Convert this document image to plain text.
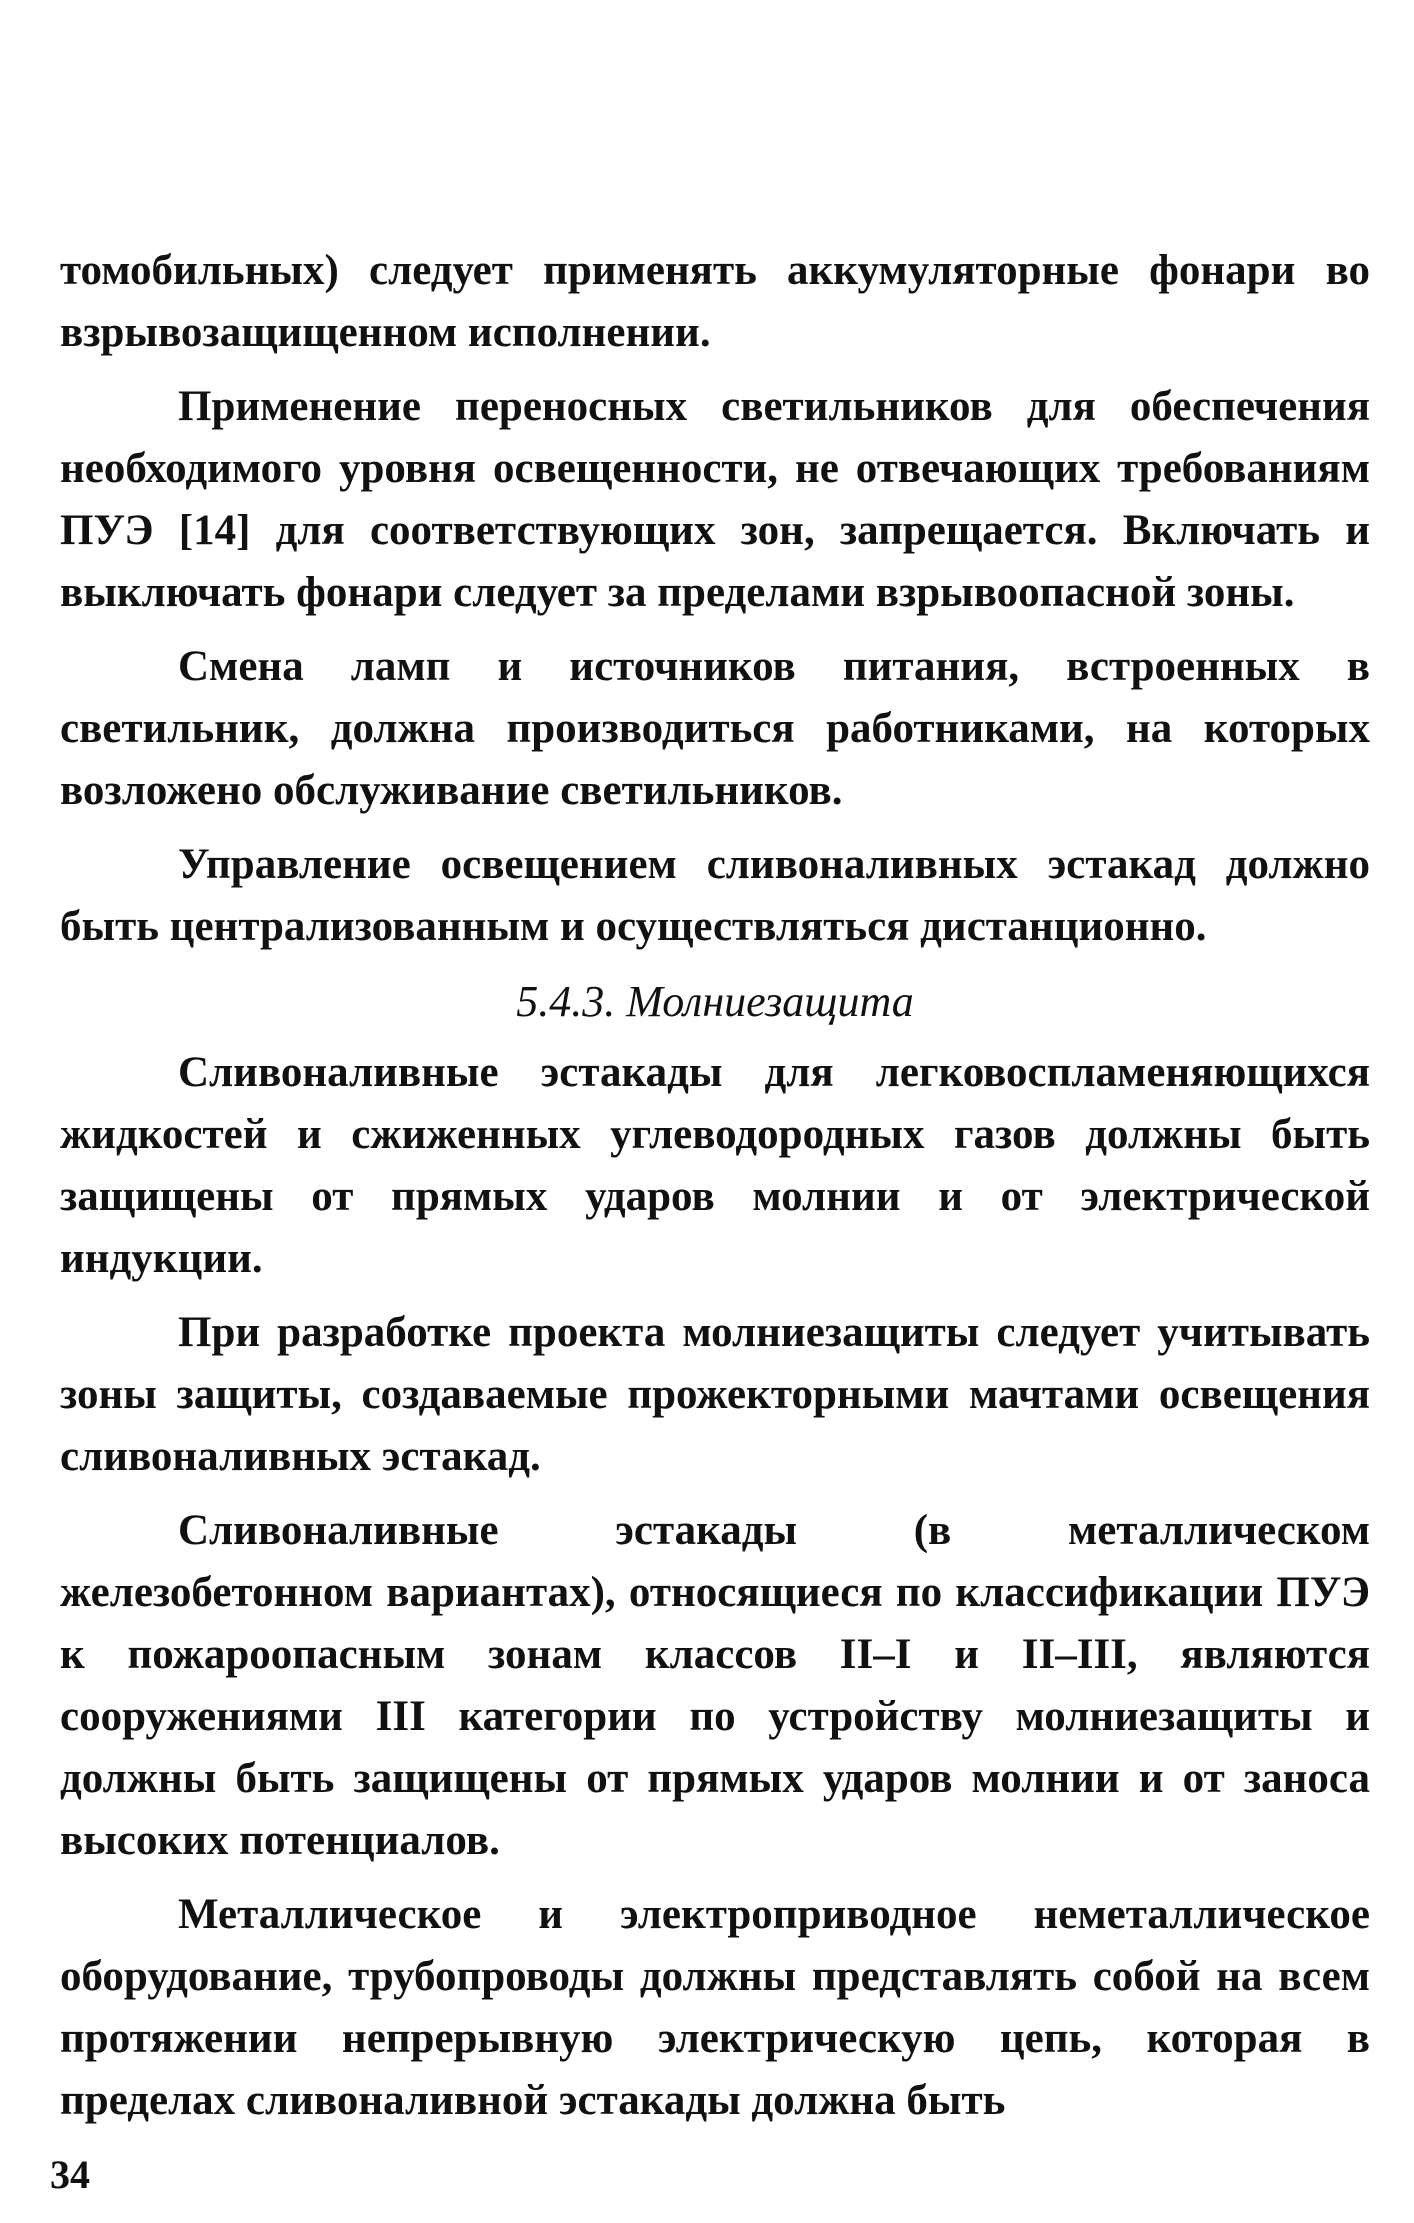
томобильных) следует применять аккумуляторные фонари во взрывозащищенном исполнении.

Применение переносных светильников для обеспечения необходимого уровня освещенности, не отвечающих требованиям ПУЭ [14] для соответствующих зон, запрещается. Включать и выключать фонари следует за пределами взрывоопасной зоны.

Смена ламп и источников питания, встроенных в светильник, должна производиться работниками, на которых возложено обслуживание светильников.

Управление освещением сливоналивных эстакад должно быть централизованным и осуществляться дистанционно.

5.4.3. Молниезащита

Сливоналивные эстакады для легковоспламеняющихся жидкостей и сжиженных углеводородных газов должны быть защищены от прямых ударов молнии и от электрической индукции.

При разработке проекта молниезащиты следует учитывать зоны защиты, создаваемые прожекторными мачтами освещения сливоналивных эстакад.

Сливоналивные эстакады (в металлическом железобетонном вариантах), относящиеся по классификации ПУЭ к пожароопасным зонам классов II–I и II–III, являются сооружениями III категории по устройству молниезащиты и должны быть защищены от прямых ударов молнии и от заноса высоких потенциалов.

Металлическое и электроприводное неметаллическое оборудование, трубопроводы должны представлять собой на всем протяжении непрерывную электрическую цепь, которая в пределах сливоналивной эстакады должна быть

34
